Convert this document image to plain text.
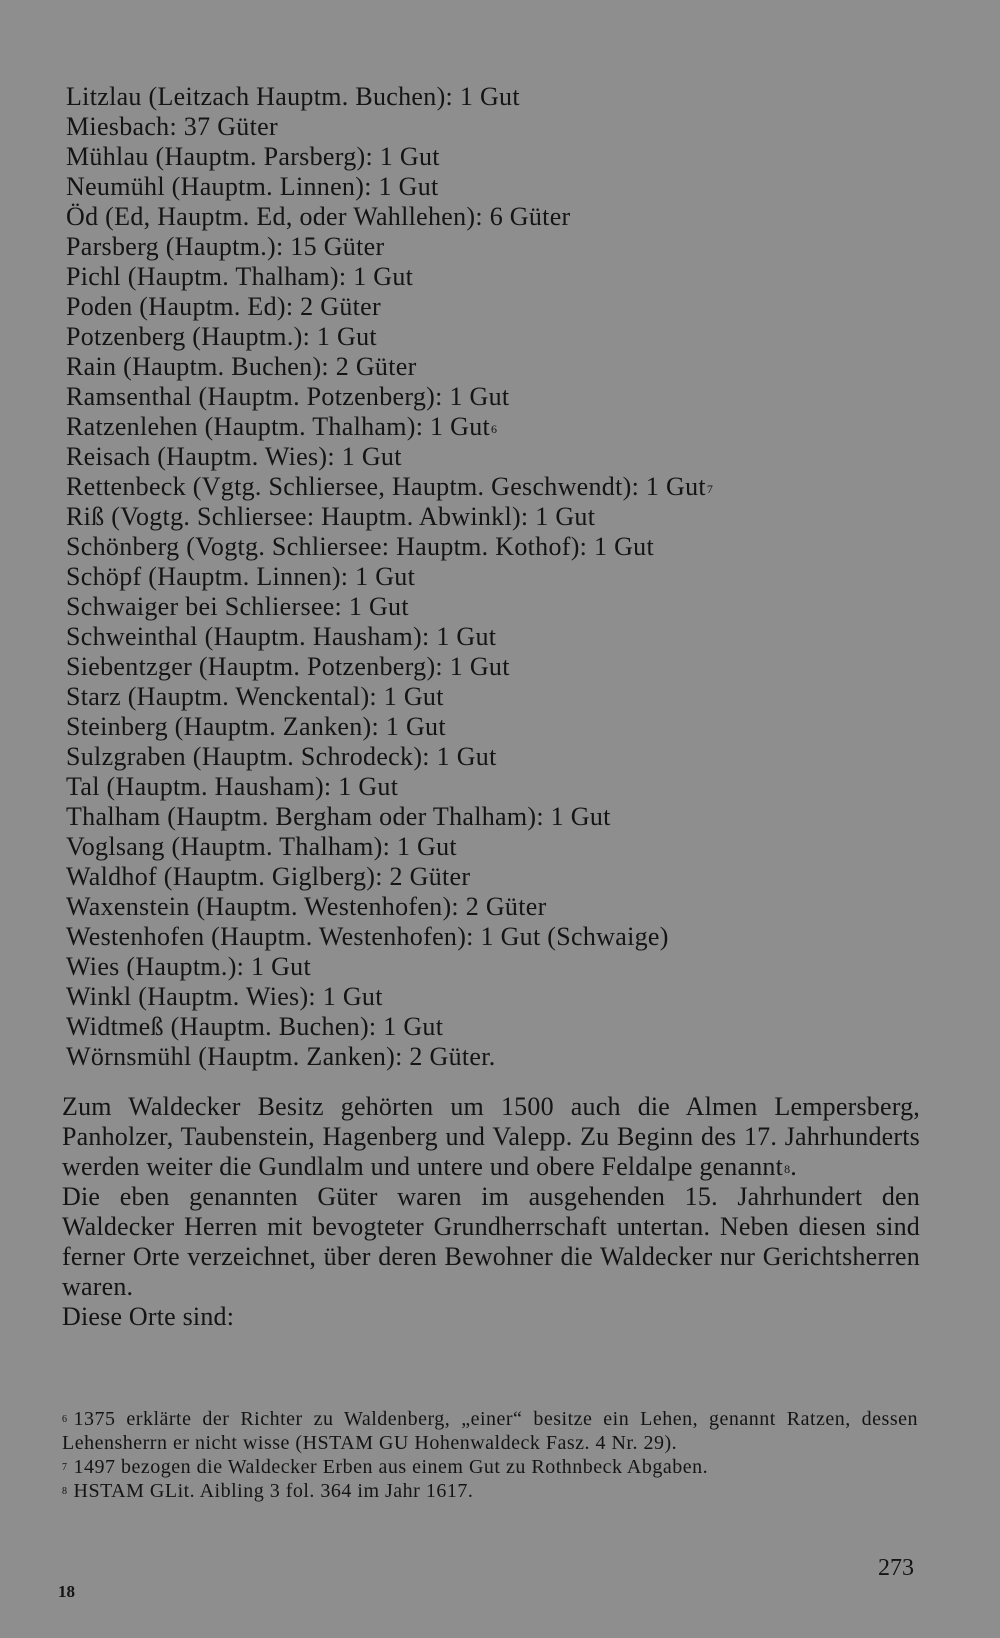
Litzlau (Leitzach Hauptm. Buchen): 1 Gut
Miesbach: 37 Güter
Mühlau (Hauptm. Parsberg): 1 Gut
Neumühl (Hauptm. Linnen): 1 Gut
Öd (Ed, Hauptm. Ed, oder Wahllehen): 6 Güter
Parsberg (Hauptm.): 15 Güter
Pichl (Hauptm. Thalham): 1 Gut
Poden (Hauptm. Ed): 2 Güter
Potzenberg (Hauptm.): 1 Gut
Rain (Hauptm. Buchen): 2 Güter
Ramsenthal (Hauptm. Potzenberg): 1 Gut
Ratzenlehen (Hauptm. Thalham): 1 Gut$^6$
Reisach (Hauptm. Wies): 1 Gut
Rettenbeck (Vgtg. Schliersee, Hauptm. Geschwendt): 1 Gut$^7$
Riß (Vogtg. Schliersee: Hauptm. Abwinkl): 1 Gut
Schönberg (Vogtg. Schliersee: Hauptm. Kothof): 1 Gut
Schöpf (Hauptm. Linnen): 1 Gut
Schwaiger bei Schliersee: 1 Gut
Schweinthal (Hauptm. Hausham): 1 Gut
Siebentzger (Hauptm. Potzenberg): 1 Gut
Starz (Hauptm. Wenckental): 1 Gut
Steinberg (Hauptm. Zanken): 1 Gut
Sulzgraben (Hauptm. Schrodeck): 1 Gut
Tal (Hauptm. Hausham): 1 Gut
Thalham (Hauptm. Bergham oder Thalham): 1 Gut
Voglsang (Hauptm. Thalham): 1 Gut
Waldhof (Hauptm. Giglberg): 2 Güter
Waxenstein (Hauptm. Westenhofen): 2 Güter
Westenhofen (Hauptm. Westenhofen): 1 Gut (Schwaige)
Wies (Hauptm.): 1 Gut
Winkl (Hauptm. Wies): 1 Gut
Widtmeß (Hauptm. Buchen): 1 Gut
Wörnsmühl (Hauptm. Zanken): 2 Güter.

Zum Waldecker Besitz gehörten um 1500 auch die Almen Lempersberg, Panholzer, Taubenstein, Hagenberg und Valepp. Zu Beginn des 17. Jahrhunderts werden weiter die Gundlalm und untere und obere Feldalpe genannt$^8$.

Die eben genannten Güter waren im ausgehenden 15. Jahrhundert den Waldecker Herren mit bevogteter Grundherrschaft untertan. Neben diesen sind ferner Orte verzeichnet, über deren Bewohner die Waldecker nur Gerichtsherren waren.

Diese Orte sind:

$^6$ 1375 erklärte der Richter zu Waldenberg, „einer“ besitze ein Lehen, genannt Ratzen, dessen Lehensherrn er nicht wisse (HSTAM GU Hohenwaldeck Fasz. 4 Nr. 29).

$^7$ 1497 bezogen die Waldecker Erben aus einem Gut zu Rothnbeck Abgaben.

$^8$ HSTAM GLit. Aibling 3 fol. 364 im Jahr 1617.

273
18
